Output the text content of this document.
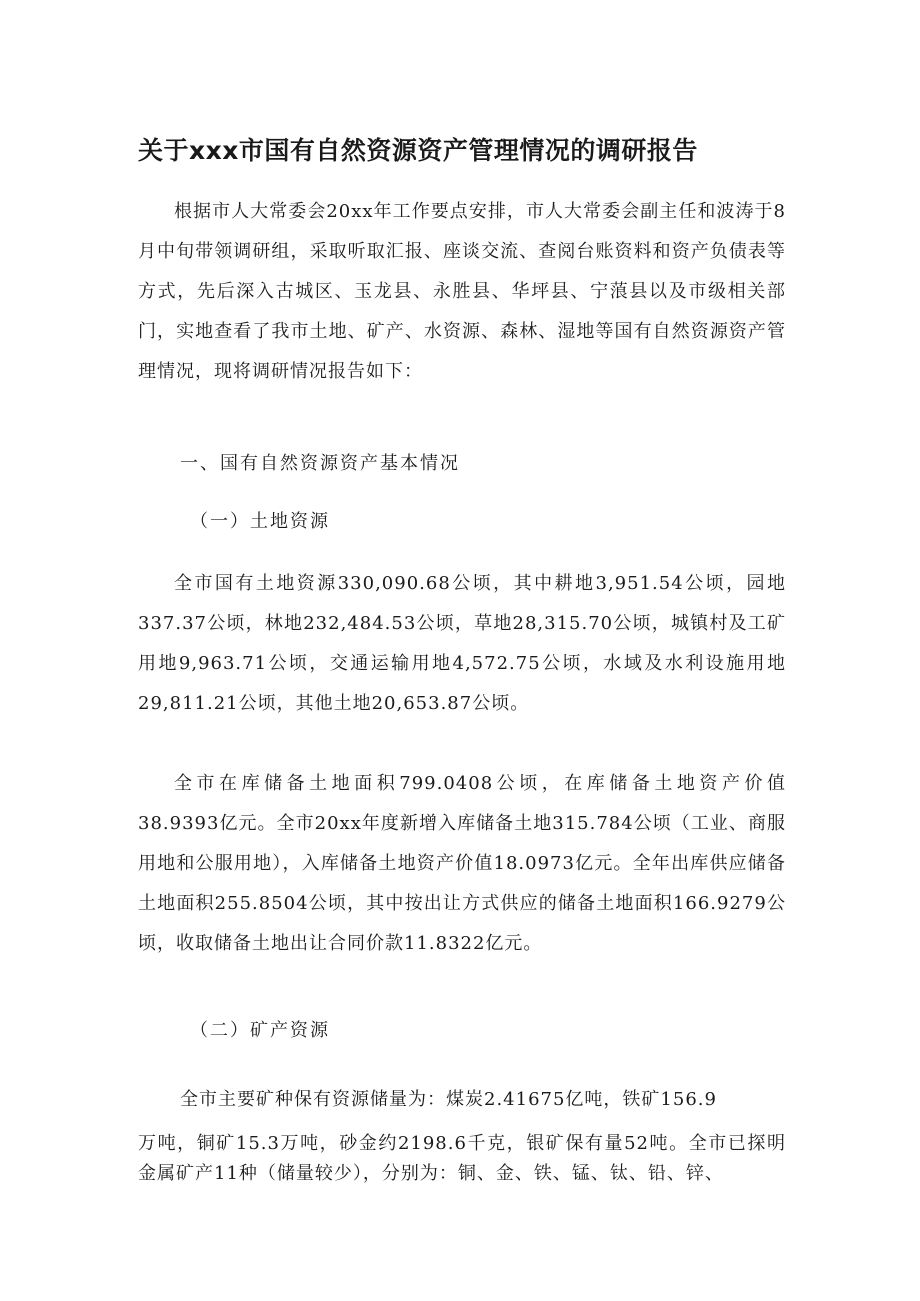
关于xxx市国有自然资源资产管理情况的调研报告

根据市人大常委会20xx年工作要点安排，市人大常委会副主任和波涛于8月中旬带领调研组，采取听取汇报、座谈交流、查阅台账资料和资产负债表等方式，先后深入古城区、玉龙县、永胜县、华坪县、宁蒗县以及市级相关部门，实地查看了我市土地、矿产、水资源、森林、湿地等国有自然资源资产管理情况，现将调研情况报告如下：

一、国有自然资源资产基本情况

（一）土地资源

全市国有土地资源330,090.68公顷，其中耕地3,951.54公顷，园地337.37公顷，林地232,484.53公顷，草地28,315.70公顷，城镇村及工矿用地9,963.71公顷，交通运输用地4,572.75公顷，水域及水利设施用地29,811.21公顷，其他土地20,653.87公顷。

全市在库储备土地面积799.0408公顷，在库储备土地资产价值38.9393亿元。全市20xx年度新增入库储备土地315.784公顷（工业、商服用地和公服用地），入库储备土地资产价值18.0973亿元。全年出库供应储备土地面积255.8504公顷，其中按出让方式供应的储备土地面积166.9279公顷，收取储备土地出让合同价款11.8322亿元。

（二）矿产资源

全市主要矿种保有资源储量为：煤炭2.41675亿吨，铁矿156.9

万吨，铜矿15.3万吨，砂金约2198.6千克，银矿保有量52吨。全市已探明金属矿产11种（储量较少），分别为：铜、金、铁、锰、钛、铅、锌、
